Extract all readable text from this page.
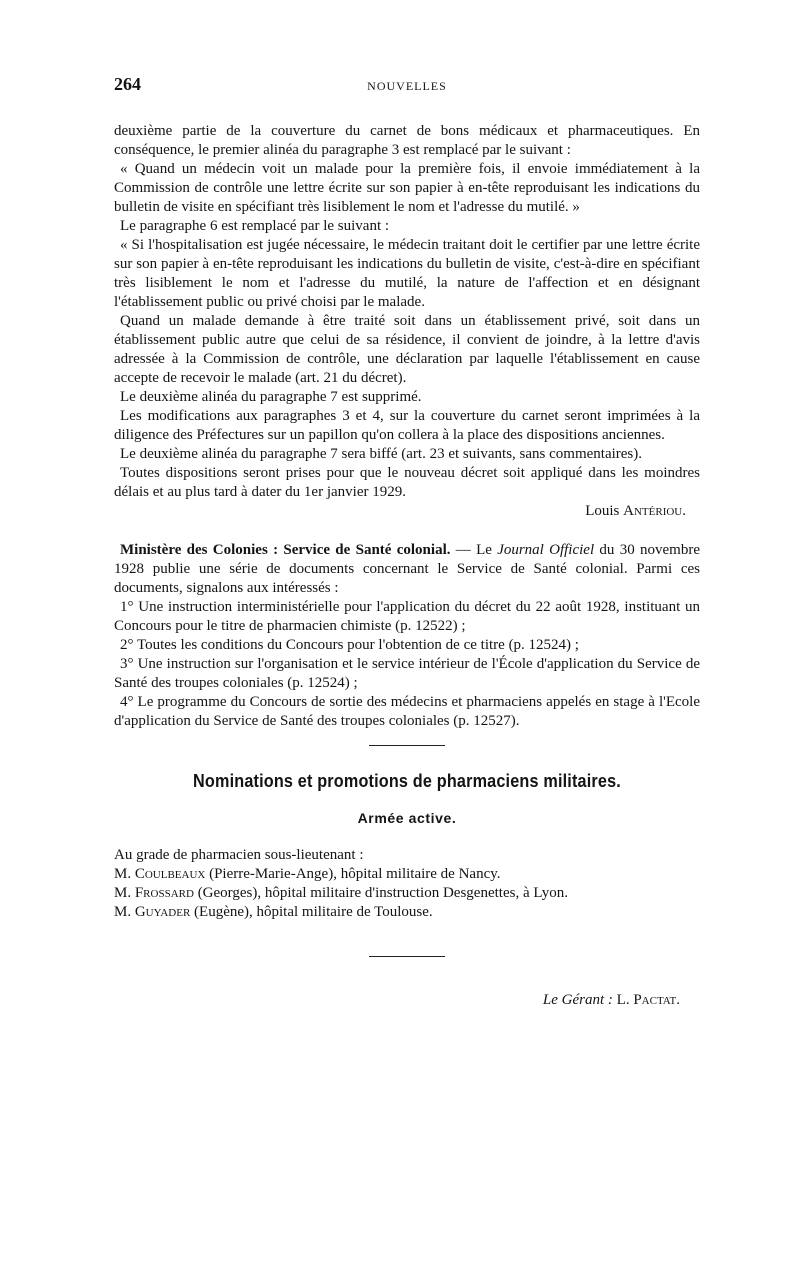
264	NOUVELLES

deuxième partie de la couverture du carnet de bons médicaux et pharmaceutiques. En conséquence, le premier alinéa du paragraphe 3 est remplacé par le suivant :

« Quand un médecin voit un malade pour la première fois, il envoie immédiatement à la Commission de contrôle une lettre écrite sur son papier à en-tête reproduisant les indications du bulletin de visite en spécifiant très lisiblement le nom et l'adresse du mutilé. »

Le paragraphe 6 est remplacé par le suivant :

« Si l'hospitalisation est jugée nécessaire, le médecin traitant doit le certifier par une lettre écrite sur son papier à en-tête reproduisant les indications du bulletin de visite, c'est-à-dire en spécifiant très lisiblement le nom et l'adresse du mutilé, la nature de l'affection et en désignant l'établissement public ou privé choisi par le malade.

Quand un malade demande à être traité soit dans un établissement privé, soit dans un établissement public autre que celui de sa résidence, il convient de joindre, à la lettre d'avis adressée à la Commission de contrôle, une déclaration par laquelle l'établissement en cause accepte de recevoir le malade (art. 21 du décret).

Le deuxième alinéa du paragraphe 7 est supprimé.

Les modifications aux paragraphes 3 et 4, sur la couverture du carnet seront imprimées à la diligence des Préfectures sur un papillon qu'on collera à la place des dispositions anciennes.

Le deuxième alinéa du paragraphe 7 sera biffé (art. 23 et suivants, sans commentaires).

Toutes dispositions seront prises pour que le nouveau décret soit appliqué dans les moindres délais et au plus tard à dater du 1er janvier 1929.

Louis Antériou.

Ministère des Colonies : Service de Santé colonial. — Le Journal Officiel du 30 novembre 1928 publie une série de documents concernant le Service de Santé colonial. Parmi ces documents, signalons aux intéressés :

1° Une instruction interministérielle pour l'application du décret du 22 août 1928, instituant un Concours pour le titre de pharmacien chimiste (p. 12522) ;

2° Toutes les conditions du Concours pour l'obtention de ce titre (p. 12524) ;

3° Une instruction sur l'organisation et le service intérieur de l'École d'application du Service de Santé des troupes coloniales (p. 12524) ;

4° Le programme du Concours de sortie des médecins et pharmaciens appelés en stage à l'Ecole d'application du Service de Santé des troupes coloniales (p. 12527).

Nominations et promotions de pharmaciens militaires.
Armée active.

Au grade de pharmacien sous-lieutenant :

M. Coulbeaux (Pierre-Marie-Ange), hôpital militaire de Nancy.

M. Frossard (Georges), hôpital militaire d'instruction Desgenettes, à Lyon.

M. Guyader (Eugène), hôpital militaire de Toulouse.

Le Gérant : L. Pactat.
